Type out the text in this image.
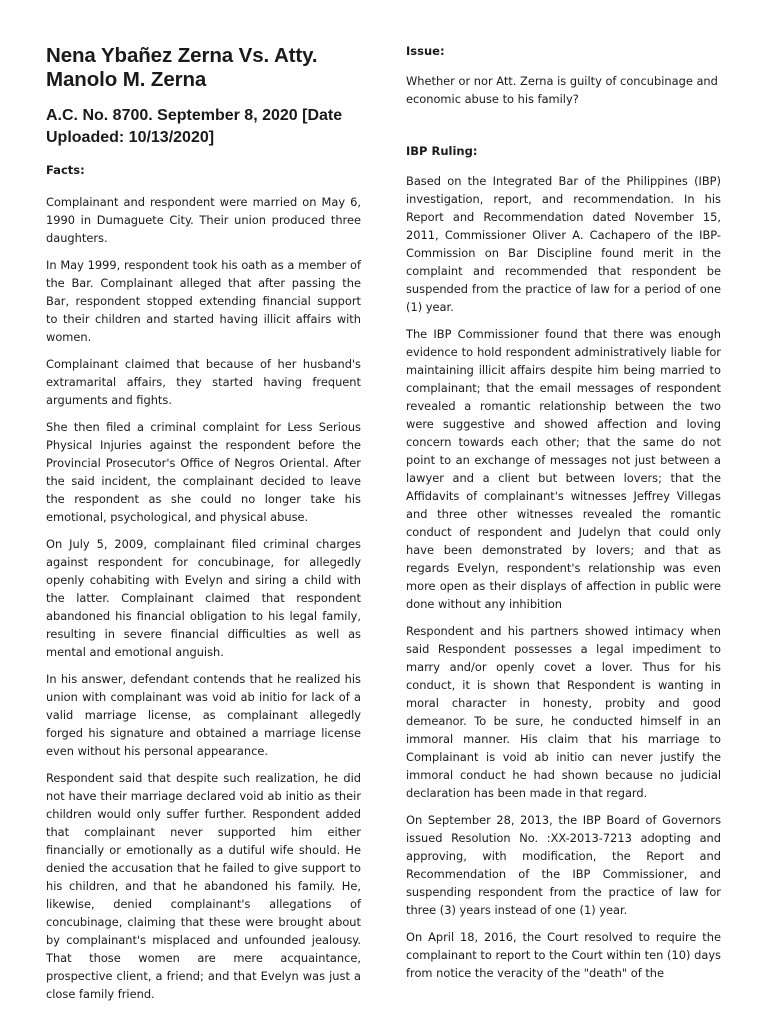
Nena Ybañez Zerna Vs. Atty. Manolo M. Zerna
A.C. No. 8700. September 8, 2020 [Date Uploaded: 10/13/2020]
Facts:

Complainant and respondent were married on May 6, 1990 in Dumaguete City. Their union produced three daughters.

In May 1999, respondent took his oath as a member of the Bar. Complainant alleged that after passing the Bar, respondent stopped extending financial support to their children and started having illicit affairs with women.

Complainant claimed that because of her husband's extramarital affairs, they started having frequent arguments and fights.

She then filed a criminal complaint for Less Serious Physical Injuries against the respondent before the Provincial Prosecutor's Office of Negros Oriental. After the said incident, the complainant decided to leave the respondent as she could no longer take his emotional, psychological, and physical abuse.

On July 5, 2009, complainant filed criminal charges against respondent for concubinage, for allegedly openly cohabiting with Evelyn and siring a child with the latter. Complainant claimed that respondent abandoned his financial obligation to his legal family, resulting in severe financial difficulties as well as mental and emotional anguish.

In his answer, defendant contends that he realized his union with complainant was void ab initio for lack of a valid marriage license, as complainant allegedly forged his signature and obtained a marriage license even without his personal appearance.

Respondent said that despite such realization, he did not have their marriage declared void ab initio as their children would only suffer further. Respondent added that complainant never supported him either financially or emotionally as a dutiful wife should. He denied the accusation that he failed to give support to his children, and that he abandoned his family. He, likewise, denied complainant's allegations of concubinage, claiming that these were brought about by complainant's misplaced and unfounded jealousy. That those women are mere acquaintance, prospective client, a friend; and that Evelyn was just a close family friend.

Issue:

Whether or nor Att. Zerna is guilty of concubinage and economic abuse to his family?

IBP Ruling:

Based on the Integrated Bar of the Philippines (IBP) investigation, report, and recommendation. In his Report and Recommendation dated November 15, 2011, Commissioner Oliver A. Cachapero of the IBP-Commission on Bar Discipline found merit in the complaint and recommended that respondent be suspended from the practice of law for a period of one (1) year.

The IBP Commissioner found that there was enough evidence to hold respondent administratively liable for maintaining illicit affairs despite him being married to complainant; that the email messages of respondent revealed a romantic relationship between the two were suggestive and showed affection and loving concern towards each other; that the same do not point to an exchange of messages not just between a lawyer and a client but between lovers; that the Affidavits of complainant's witnesses Jeffrey Villegas and three other witnesses revealed the romantic conduct of respondent and Judelyn that could only have been demonstrated by lovers; and that as regards Evelyn, respondent's relationship was even more open as their displays of affection in public were done without any inhibition

Respondent and his partners showed intimacy when said Respondent possesses a legal impediment to marry and/or openly covet a lover. Thus for his conduct, it is shown that Respondent is wanting in moral character in honesty, probity and good demeanor. To be sure, he conducted himself in an immoral manner. His claim that his marriage to Complainant is void ab initio can never justify the immoral conduct he had shown because no judicial declaration has been made in that regard.

On September 28, 2013, the IBP Board of Governors issued Resolution No. :XX-2013-7213 adopting and approving, with modification, the Report and Recommendation of the IBP Commissioner, and suspending respondent from the practice of law for three (3) years instead of one (1) year.

On April 18, 2016, the Court resolved to require the complainant to report to the Court within ten (10) days from notice the veracity of the "death" of the
